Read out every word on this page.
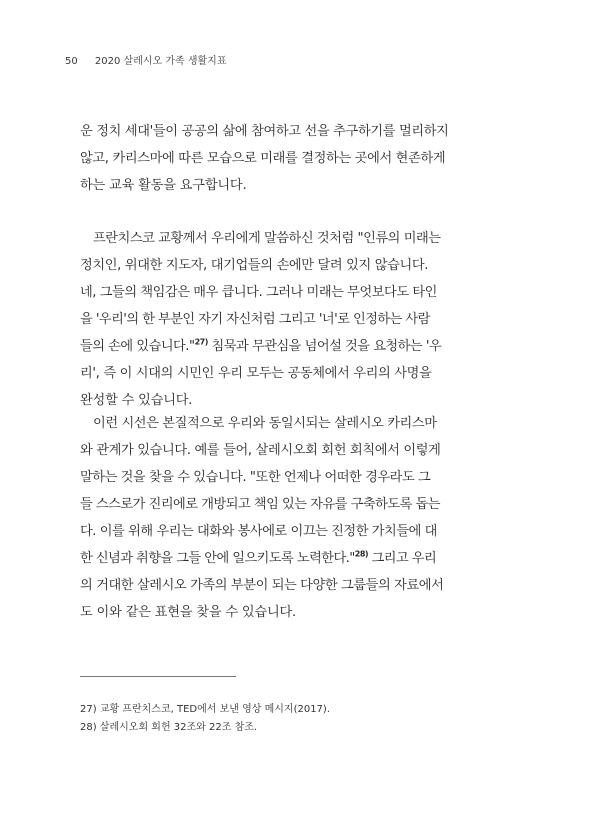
50 2020 살레시오 가족 생활지표
운 정치 세대'들이 공공의 삶에 참여하고 선을 추구하기를 멀리하지
않고, 카리스마에 따른 모습으로 미래를 결정하는 곳에서 현존하게
하는 교육 활동을 요구합니다.
프란치스코 교황께서 우리에게 말씀하신 것처럼 "인류의 미래는
정치인, 위대한 지도자, 대기업들의 손에만 달려 있지 않습니다.
네, 그들의 책임감은 매우 큽니다. 그러나 미래는 무엇보다도 타인
을 '우리'의 한 부분인 자기 자신처럼 그리고 '너'로 인정하는 사람
들의 손에 있습니다."$^{27)}$ 침묵과 무관심을 넘어설 것을 요청하는 '우
리', 즉 이 시대의 시민인 우리 모두는 공동체에서 우리의 사명을
완성할 수 있습니다.
이런 시선은 본질적으로 우리와 동일시되는 살레시오 카리스마
와 관계가 있습니다. 예를 들어, 살레시오회 회헌 회칙에서 이렇게
말하는 것을 찾을 수 있습니다. "또한 언제나 어떠한 경우라도 그
들 스스로가 진리에로 개방되고 책임 있는 자유를 구축하도록 돕는
다. 이를 위해 우리는 대화와 봉사에로 이끄는 진정한 가치들에 대
한 신념과 취향을 그들 안에 일으키도록 노력한다."$^{28)}$ 그리고 우리
의 거대한 살레시오 가족의 부분이 되는 다양한 그룹들의 자료에서
도 이와 같은 표현을 찾을 수 있습니다.
27) 교황 프란치스코, TED에서 보낸 영상 메시지(2017).
28) 살레시오회 회헌 32조와 22조 참조.
